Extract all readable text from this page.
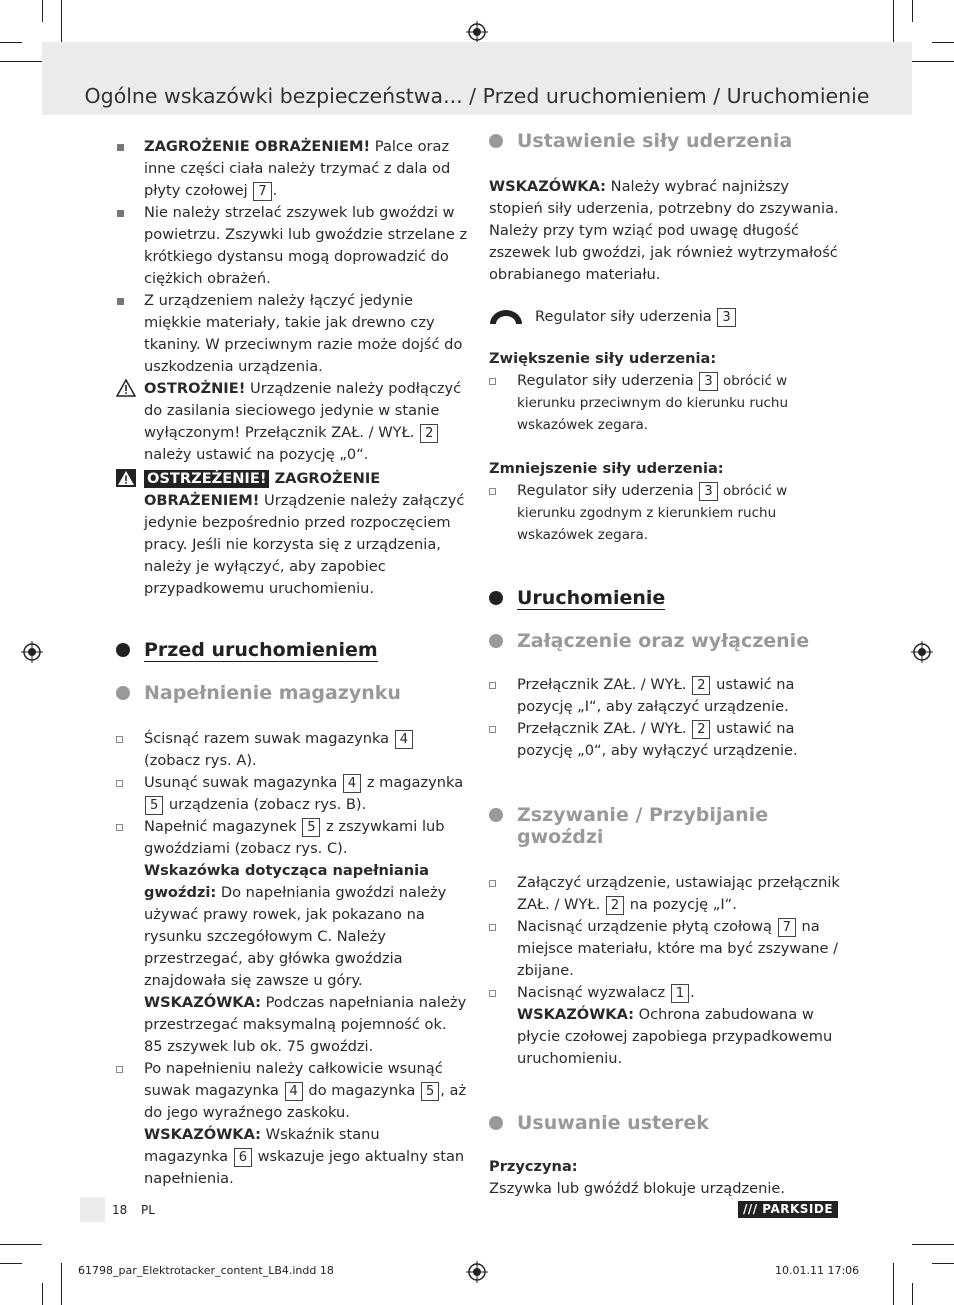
Ogólne wskazówki bezpieczeństwa... / Przed uruchomieniem / Uruchomienie
ZAGROŻENIE OBRAŻENIEM! Palce oraz inne części ciała należy trzymać z dala od płyty czołowej 7 .
Nie należy strzelać zszywek lub gwoździ w powietrzu. Zszywki lub gwoździe strzelane z krótkiego dystansu mogą doprowadzić do ciężkich obrażeń.
Z urządzeniem należy łączyć jedynie miękkie materiały, takie jak drewno czy tkaniny. W przeciwnym razie może dojść do uszkodzenia urządzenia.
OSTROŻNIE! Urządzenie należy podłączyć do zasilania sieciowego jedynie w stanie wyłączonym! Przełącznik ZAŁ. / WYŁ. 2 należy ustawić na pozycję „0“.
OSTRZEŻENIE! ZAGROŻENIE OBRAŻENIEM! Urządzenie należy załączyć jedynie bezpośrednio przed rozpoczęciem pracy. Jeśli nie korzysta się z urządzenia, należy je wyłączyć, aby zapobiec przypadkowemu uruchomieniu.
Przed uruchomieniem
Napełnienie magazynku
Ścisnąć razem suwak magazynka 4 (zobacz rys. A).
Usunąć suwak magazynka 4 z magazynka 5 urządzenia (zobacz rys. B).
Napełnić magazynek 5 z zszywkami lub gwoździami (zobacz rys. C).
Wskazówka dotycząca napełniania gwoździ: Do napełniania gwoździ należy używać prawy rowek, jak pokazano na rysunku szczegółowym C. Należy przestrzegać, aby główka gwoździa znajdowała się zawsze u góry.
WSKAZÓWKA: Podczas napełniania należy przestrzegać maksymalną pojemność ok. 85 zszywek lub ok. 75 gwoździ.
Po napełnieniu należy całkowicie wsunąć suwak magazynka 4 do magazynka 5 , aż do jego wyraźnego zaskoku.
WSKAZÓWKA: Wskaźnik stanu magazynka 6 wskazuje jego aktualny stan napełnienia.
Ustawienie siły uderzenia
WSKAZÓWKA: Należy wybrać najniższy stopień siły uderzenia, potrzebny do zszywania. Należy przy tym wziąć pod uwagę długość zszewek lub gwoździ, jak również wytrzymałość obrabianego materiału.
Regulator siły uderzenia 3
Zwiększenie siły uderzenia:
Regulator siły uderzenia 3 obrócić w kierunku przeciwnym do kierunku ruchu wskazówek zegara.
Zmniejszenie siły uderzenia:
Regulator siły uderzenia 3 obrócić w kierunku zgodnym z kierunkiem ruchu wskazówek zegara.
Uruchomienie
Załączenie oraz wyłączenie
Przełącznik ZAŁ. / WYŁ. 2 ustawić na pozycję „I“, aby załączyć urządzenie.
Przełącznik ZAŁ. / WYŁ. 2 ustawić na pozycję „0“, aby wyłączyć urządzenie.
Zszywanie / Przybijanie gwoździ
Załączyć urządzenie, ustawiając przełącznik ZAŁ. / WYŁ. 2 na pozycję „I“.
Nacisnąć urządzenie płytą czołową 7 na miejsce materiału, które ma być zszywane / zbijane.
Nacisnąć wyzwalacz 1 .
WSKAZÓWKA: Ochrona zabudowana w płycie czołowej zapobiega przypadkowemu uruchomieniu.
Usuwanie usterek
Przyczyna:
Zszywka lub gwóźdź blokuje urządzenie.
18 PL	/// PARKSIDE
61798_par_Elektrotacker_content_LB4.indd 18	10.01.11 17:06
